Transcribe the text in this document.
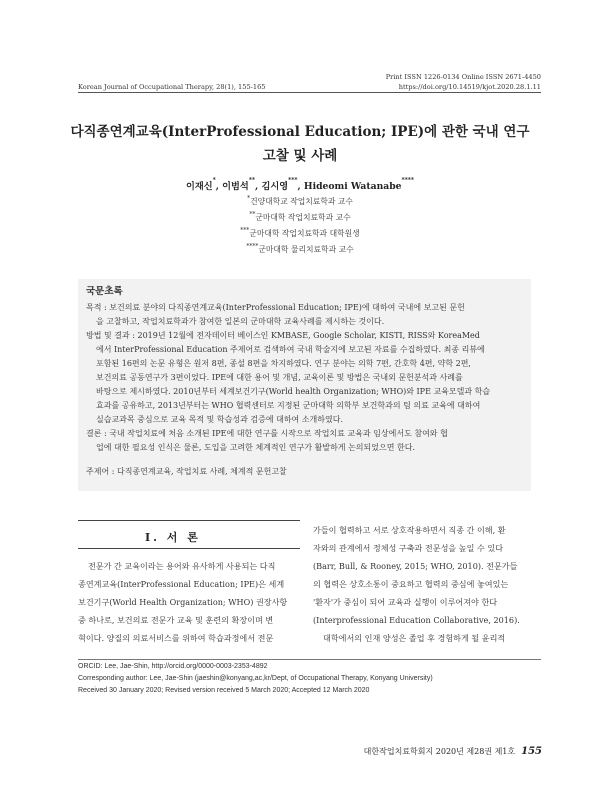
Korean Journal of Occupational Therapy, 28(1), 155-165
Print ISSN 1226-0134 Online ISSN 2671-4450
https://doi.org/10.14519/kjot.2020.28.1.11
다직종연계교육(InterProfessional Education; IPE)에 관한 국내 연구
고찰 및 사례
이재신*, 이범석**, 김시영***, Hideomi Watanabe****
*건양대학교 작업치료학과 교수
**군마대학 작업치료학과 교수
***군마대학 작업치료학과 대학원생
****군마대학 물리치료학과 교수
국문초록
목적 : 보건의료 분야의 다직종연계교육(InterProfessional Education; IPE)에 대하여 국내에 보고된 문헌
을 고찰하고, 작업치료학과가 참여한 일본의 군마대학 교육사례를 제시하는 것이다.
방법 및 결과 : 2019년 12월에 전자데이터 베이스인 KMBASE, Google Scholar, KISTI, RISS와 KoreaMed
에서 InterProfessional Education 주제어로 검색하여 국내 학술지에 보고된 자료를 수집하였다. 최종 리뷰에
포함된 16편의 논문 유형은 원저 8편, 종설 8편을 차지하였다. 연구 분야는 의학 7편, 간호학 4편, 약학 2편,
보건의료 공동연구가 3편이었다. IPE에 대한 용어 및 개념, 교육이론 및 방법은 국내외 문헌분석과 사례를
바탕으로 제시하였다. 2010년부터 세계보건기구(World health Organization; WHO)와 IPE 교육모델과 학습
효과를 공유하고, 2013년부터는 WHO 협력센터로 지정된 군마대학 의학부 보건학과의 팀 의료 교육에 대하여
실습교과목 중심으로 교육 목적 및 학습성과 검증에 대하여 소개하였다.
결론 : 국내 작업치료에 처음 소개된 IPE에 대한 연구를 시작으로 작업치료 교육과 임상에서도 참여와 협
업에 대한 필요성 인식은 물론, 도입을 고려한 체계적인 연구가 활발하게 논의되었으면 한다.
주제어 : 다직종연계교육, 작업치료 사례, 체계적 문헌고찰
Ⅰ. 서 론
전문가 간 교육이라는 용어와 유사하게 사용되는 다직
종연계교육(InterProfessional Education; IPE)은 세계
보건기구(World Health Organization; WHO) 권장사항
중 하나로, 보건의료 전문가 교육 및 훈련의 확장이며 변
혁이다. 양질의 의료서비스를 위하여 학습과정에서 전문
가들이 협력하고 서로 상호작용하면서 직종 간 이해, 환
자와의 관계에서 정체성 구축과 전문성을 높일 수 있다
(Barr, Bull, & Rooney, 2015; WHO, 2010). 전문가들
의 협력은 상호소통이 중요하고 협력의 중심에 놓여있는
'환자'가 중심이 되어 교육과 실행이 이루어져야 한다
(Interprofessional Education Collaborative, 2016).
대학에서의 인재 양성은 졸업 후 경험하게 될 윤리적
ORCID: Lee, Jae-Shin, http://orcid.org/0000-0003-2353-4892
Corresponding author: Lee, Jae-Shin (jaeshin@konyang,ac,kr/Dept, of Occupational Therapy, Konyang University)
Received 30 January 2020; Revised version received 5 March 2020; Accepted 12 March 2020
대한작업치료학회지 2020년 제28권 제1호 155
